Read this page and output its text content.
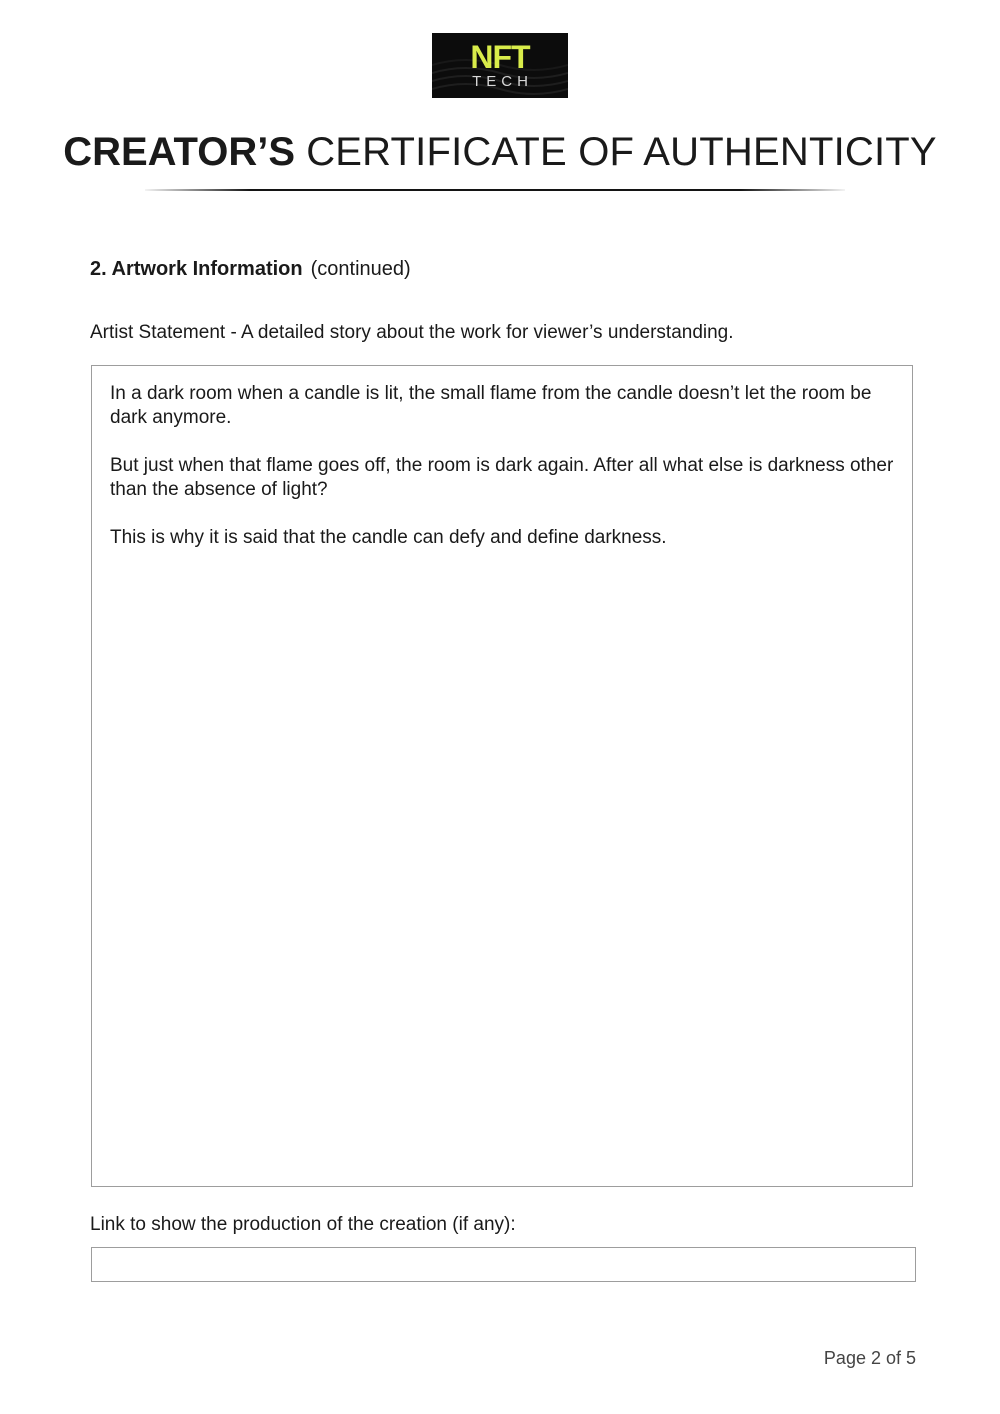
NFT
TECH
CREATOR’S CERTIFICATE OF AUTHENTICITY
2. Artwork Information (continued)
Artist Statement - A detailed story about the work for viewer’s understanding.

In a dark room when a candle is lit, the small flame from the candle doesn’t let the room be dark anymore.

But just when that flame goes off, the room is dark again. After all what else is darkness other than the absence of light?

This is why it is said that the candle can defy and define darkness.

Link to show the production of the creation (if any):
Page 2 of 5
